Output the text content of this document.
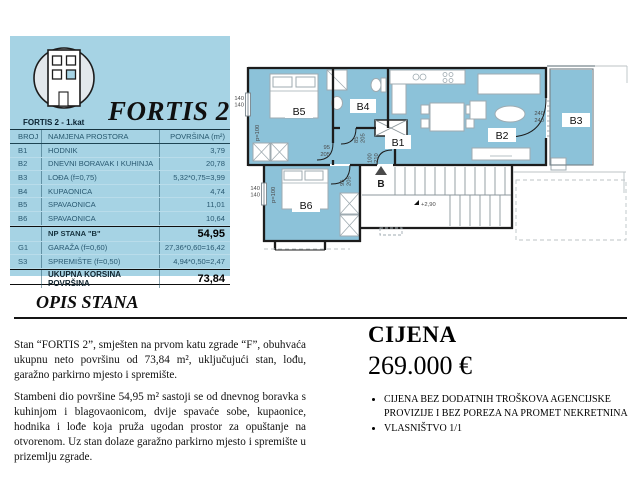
FORTIS 2
FORTIS 2 - 1.kat
BROJ	NAMJENA PROSTORA	POVRŠINA (m²)
B1	HODNIK	3,79
B2	DNEVNI BORAVAK I KUHINJA	20,78
B3	LOĐA (f=0,75)	5,32*0,75=3,99
B4	KUPAONICA	4,74
B5	SPAVAONICA	11,01
B6	SPAVAONICA	10,64
NP STANA "B"	54,95
G1	GARAŽA (f=0,60)	27,36*0,60=16,42
S3	SPREMIŠTE (f=0,50)	4,94*0,50=2,47
UKUPNA KORSINA POVRŠINA	73,84
B
+2,90
B5	B4
B1
B2
B3
B6
140
140
140
140
p=100
p=100
95
205
85 205
100 210
95 205
240
240
OPIS STANA

Stan “FORTIS 2”, smješten na prvom katu zgrade “F”, obuhvaća ukupnu neto površinu od 73,84 m², uključujući stan, lođu, garažno parkirno mjesto i spremište.

Stambeni dio površine 54,95 m² sastoji se od dnevnog boravka s kuhinjom i blagovaonicom, dvije spavaće sobe, kupaonice, hodnika i lođe koja pruža ugodan prostor za opuštanje na otvorenom. Uz stan dolaze garažno parkirno mjesto i spremište u prizemlju zgrade.

CIJENA
269.000 €
• CIJENA BEZ DODATNIH TROŠKOVA AGENCIJSKE PROVIZIJE I BEZ POREZA NA PROMET NEKRETNINA
• VLASNIŠTVO 1/1
